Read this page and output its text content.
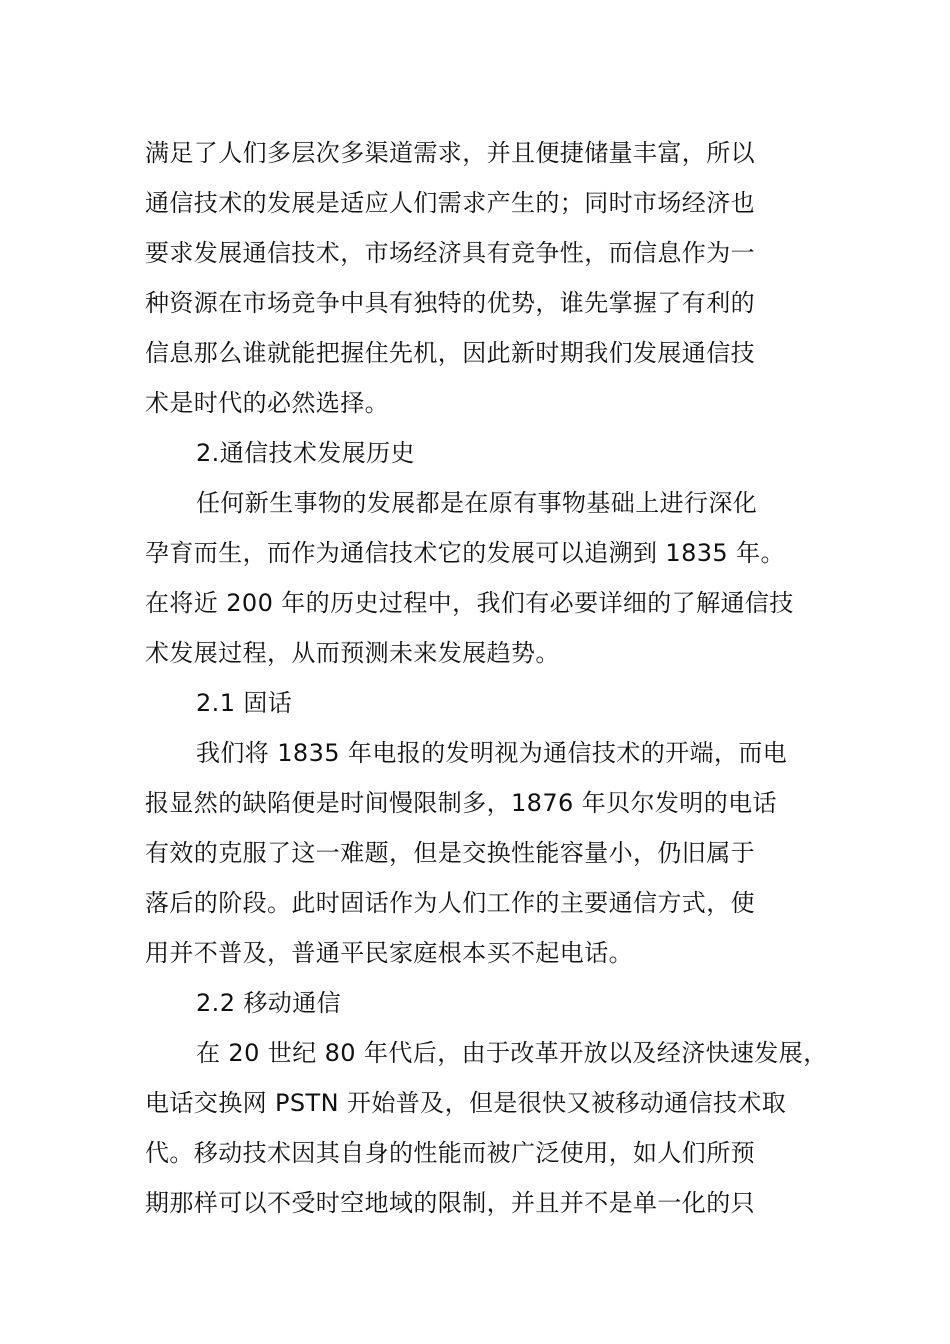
满足了人们多层次多渠道需求，并且便捷储量丰富，所以

通信技术的发展是适应人们需求产生的；同时市场经济也

要求发展通信技术，市场经济具有竞争性，而信息作为一

种资源在市场竞争中具有独特的优势，谁先掌握了有利的

信息那么谁就能把握住先机，因此新时期我们发展通信技

术是时代的必然选择。

2.通信技术发展历史

任何新生事物的发展都是在原有事物基础上进行深化

孕育而生，而作为通信技术它的发展可以追溯到 1835 年。

在将近 200 年的历史过程中，我们有必要详细的了解通信技

术发展过程，从而预测未来发展趋势。

2.1 固话

我们将 1835 年电报的发明视为通信技术的开端，而电

报显然的缺陷便是时间慢限制多，1876 年贝尔发明的电话

有效的克服了这一难题，但是交换性能容量小，仍旧属于

落后的阶段。此时固话作为人们工作的主要通信方式，使

用并不普及，普通平民家庭根本买不起电话。

2.2 移动通信

在 20 世纪 80 年代后，由于改革开放以及经济快速发展，

电话交换网 PSTN 开始普及，但是很快又被移动通信技术取

代。移动技术因其自身的性能而被广泛使用，如人们所预

期那样可以不受时空地域的限制，并且并不是单一化的只
